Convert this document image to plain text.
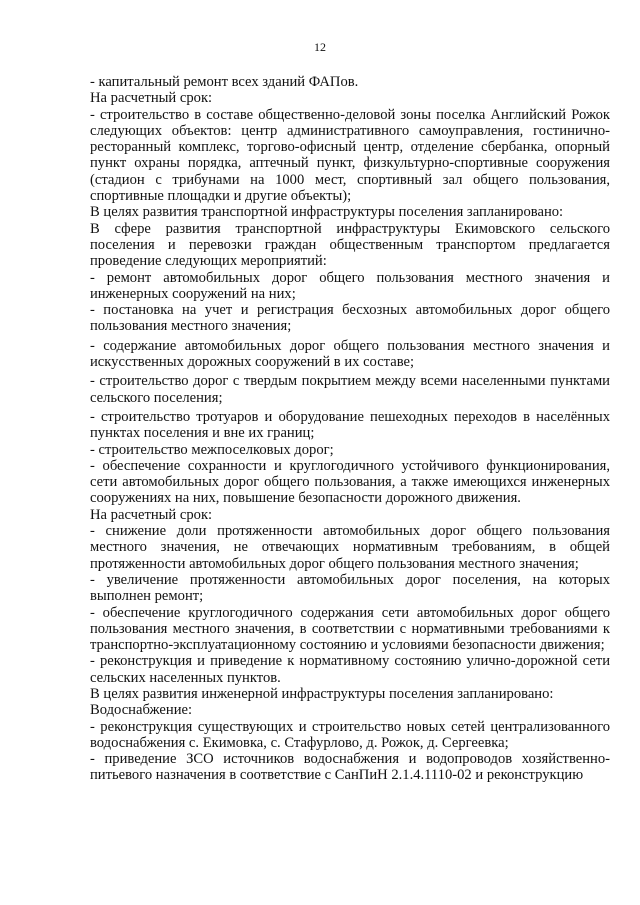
12

- капитальный ремонт всех зданий ФАПов.

На расчетный срок:

- строительство в составе общественно-деловой зоны поселка Английский Рожок следующих объектов: центр административного самоуправления, гостинично-ресторанный комплекс, торгово-офисный центр, отделение сбербанка, опорный пункт охраны порядка, аптечный пункт, физкультурно-спортивные сооружения (стадион с трибунами на 1000 мест, спортивный зал общего пользования, спортивные площадки и другие объекты);

В целях развития транспортной инфраструктуры поселения запланировано:

В сфере развития транспортной инфраструктуры Екимовского сельского поселения и перевозки граждан общественным транспортом предлагается проведение следующих мероприятий:

- ремонт автомобильных дорог общего пользования местного значения и инженерных сооружений на них;

- постановка на учет и регистрация бесхозных автомобильных дорог общего пользования местного значения;

- содержание автомобильных дорог общего пользования местного значения и искусственных дорожных сооружений в их составе;

- строительство дорог с твердым покрытием между всеми населенными пунктами сельского поселения;

- строительство тротуаров и оборудование пешеходных переходов в населённых пунктах поселения и вне их границ;

- строительство межпоселковых дорог;

- обеспечение сохранности и круглогодичного устойчивого функционирования, сети автомобильных дорог общего пользования, а также имеющихся инженерных сооружениях на них, повышение безопасности дорожного движения.

На расчетный срок:

- снижение доли протяженности автомобильных дорог общего пользования местного значения, не отвечающих нормативным требованиям, в общей протяженности автомобильных дорог общего пользования местного значения;

- увеличение протяженности автомобильных дорог поселения, на которых выполнен ремонт;

- обеспечение круглогодичного содержания сети автомобильных дорог общего пользования местного значения, в соответствии с нормативными требованиями к транспортно-эксплуатационному состоянию и условиями безопасности движения;

- реконструкция и приведение к нормативному состоянию улично-дорожной сети сельских населенных пунктов.

В целях развития инженерной инфраструктуры поселения запланировано:

Водоснабжение:

- реконструкция существующих и строительство новых сетей централизованного водоснабжения с. Екимовка, с. Стафурлово, д. Рожок, д. Сергеевка;

- приведение ЗСО источников водоснабжения и водопроводов хозяйственно-питьевого назначения в соответствие с СанПиН 2.1.4.1110-02 и реконструкцию
